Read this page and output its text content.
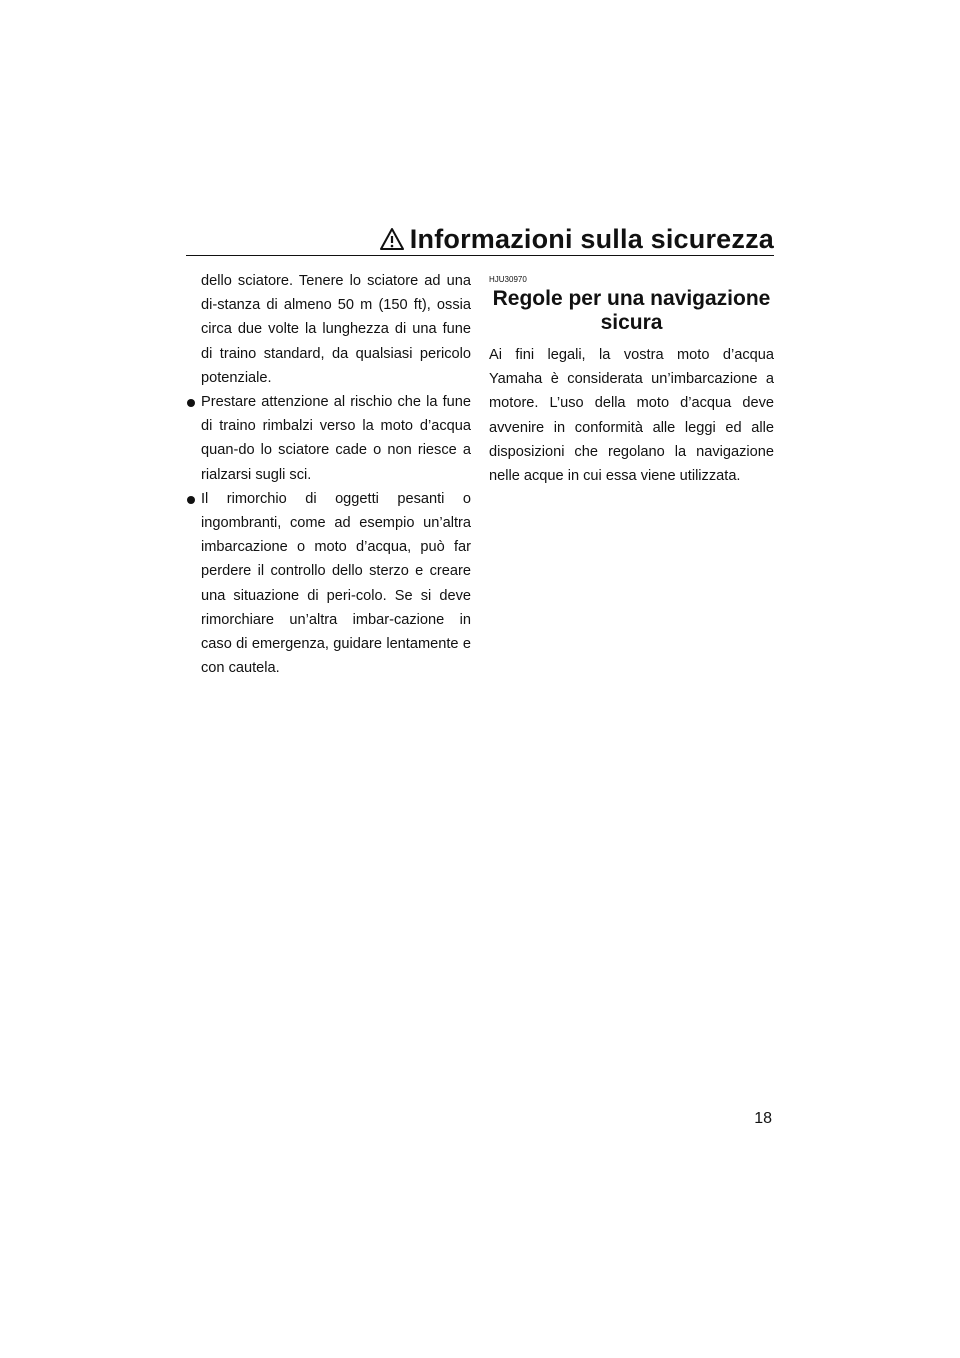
Informazioni sulla sicurezza
dello sciatore. Tenere lo sciatore ad una di-stanza di almeno 50 m (150 ft), ossia circa due volte la lunghezza di una fune di traino standard, da qualsiasi pericolo potenziale.
Prestare attenzione al rischio che la fune di traino rimbalzi verso la moto d’acqua quan-do lo sciatore cade o non riesce a rialzarsi sugli sci.
Il rimorchio di oggetti pesanti o ingombranti, come ad esempio un’altra imbarcazione o moto d’acqua, può far perdere il controllo dello sterzo e creare una situazione di peri-colo. Se si deve rimorchiare un’altra imbar-cazione in caso di emergenza, guidare lentamente e con cautela.
HJU30970
Regole per una navigazione sicura

Ai fini legali, la vostra moto d’acqua Yamaha è considerata un’imbarcazione a motore. L’uso della moto d’acqua deve avvenire in conformità alle leggi ed alle disposizioni che regolano la navigazione nelle acque in cui essa viene utilizzata.

18
